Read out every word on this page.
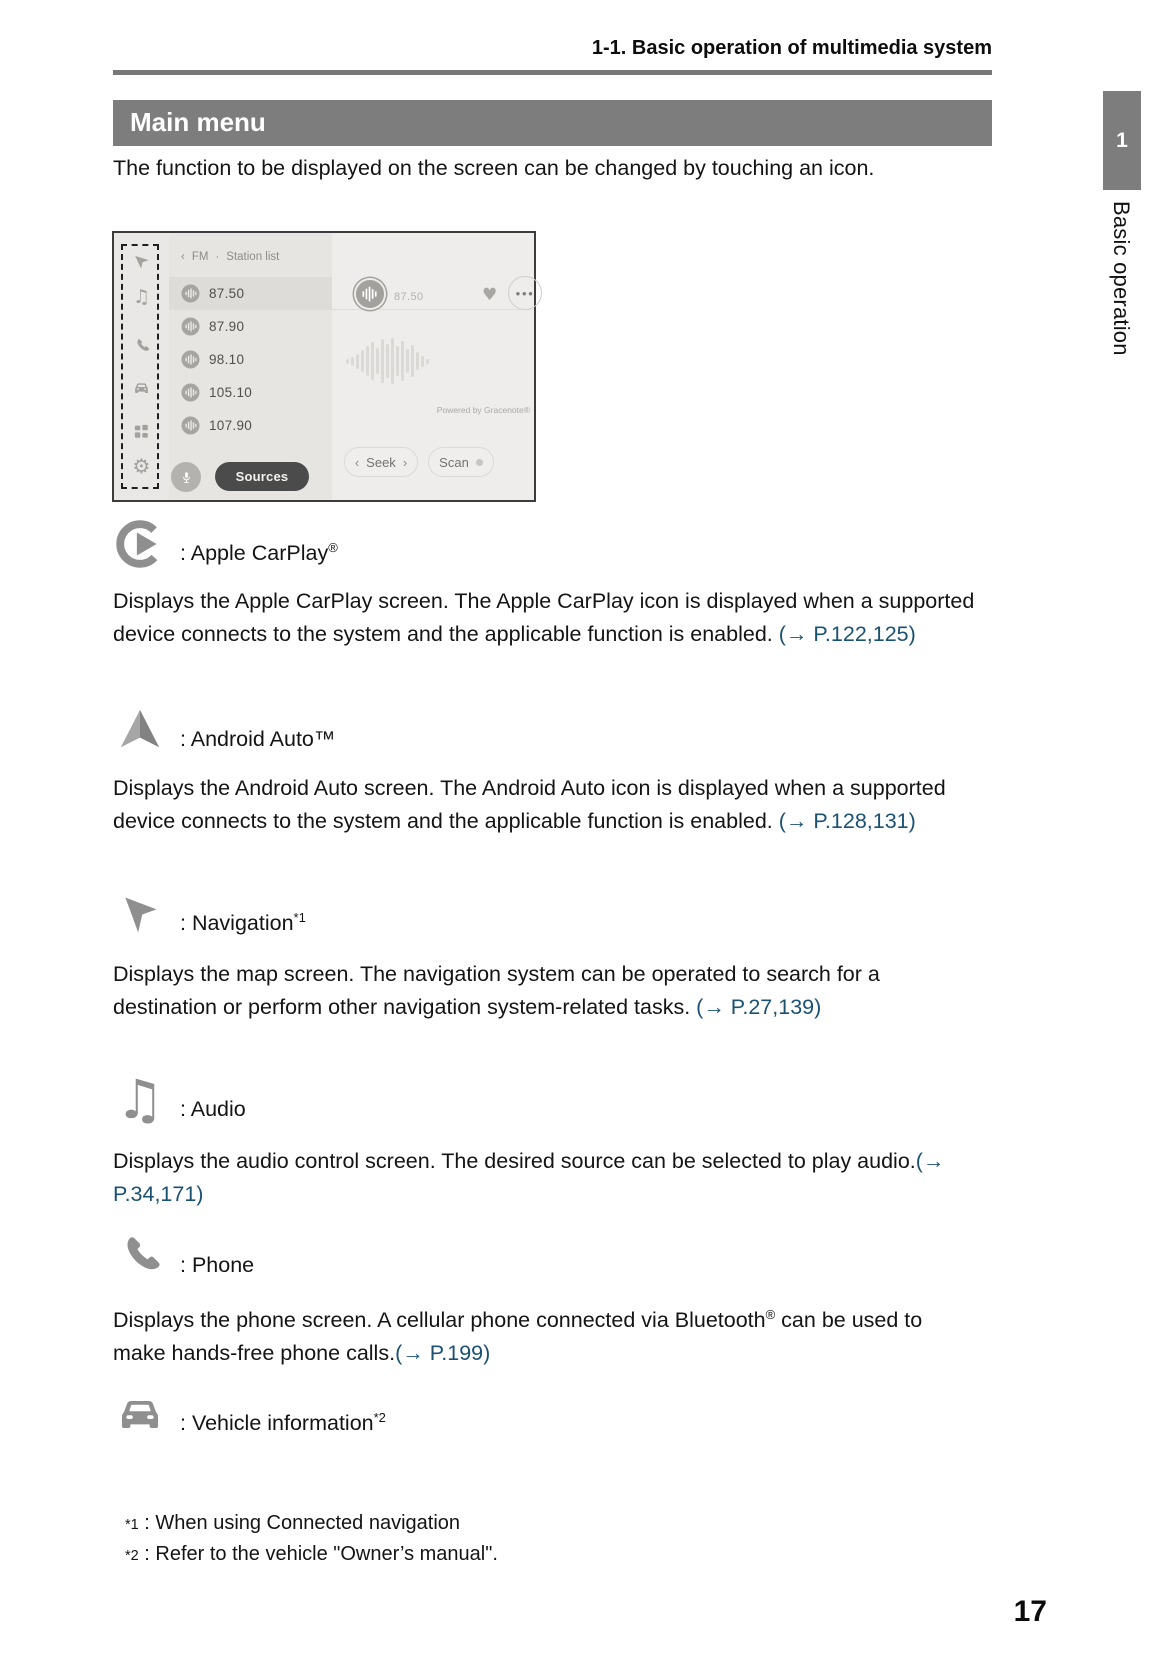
1-1. Basic operation of multimedia system
Main menu
1
Basic operation

The function to be displayed on the screen can be changed by touching an icon.

♫
⚙
‹ FM · Station list
87.50
87.90
98.10
105.10
107.90
Sources
87.50	♥	●●●
Powered by Gracenote®
‹ Seek › Scan
: Apple CarPlay®

Displays the Apple CarPlay screen. The Apple CarPlay icon is displayed when a supported device connects to the system and the applicable function is enabled. (→ P.122,125)

: Android Auto™

Displays the Android Auto screen. The Android Auto icon is displayed when a supported device connects to the system and the applicable function is enabled. (→ P.128,131)

: Navigation$^{*1}$

Displays the map screen. The navigation system can be operated to search for a destination or perform other navigation system-related tasks. (→ P.27,139)

♫ : Audio

Displays the audio control screen. The desired source can be selected to play audio.(→ P.34,171)

: Phone

Displays the phone screen. A cellular phone connected via Bluetooth® can be used to make hands-free phone calls.(→ P.199)

: Vehicle information$^{*2}$
*1 : When using Connected navigation
*2 : Refer to the vehicle "Owner’s manual".
17
